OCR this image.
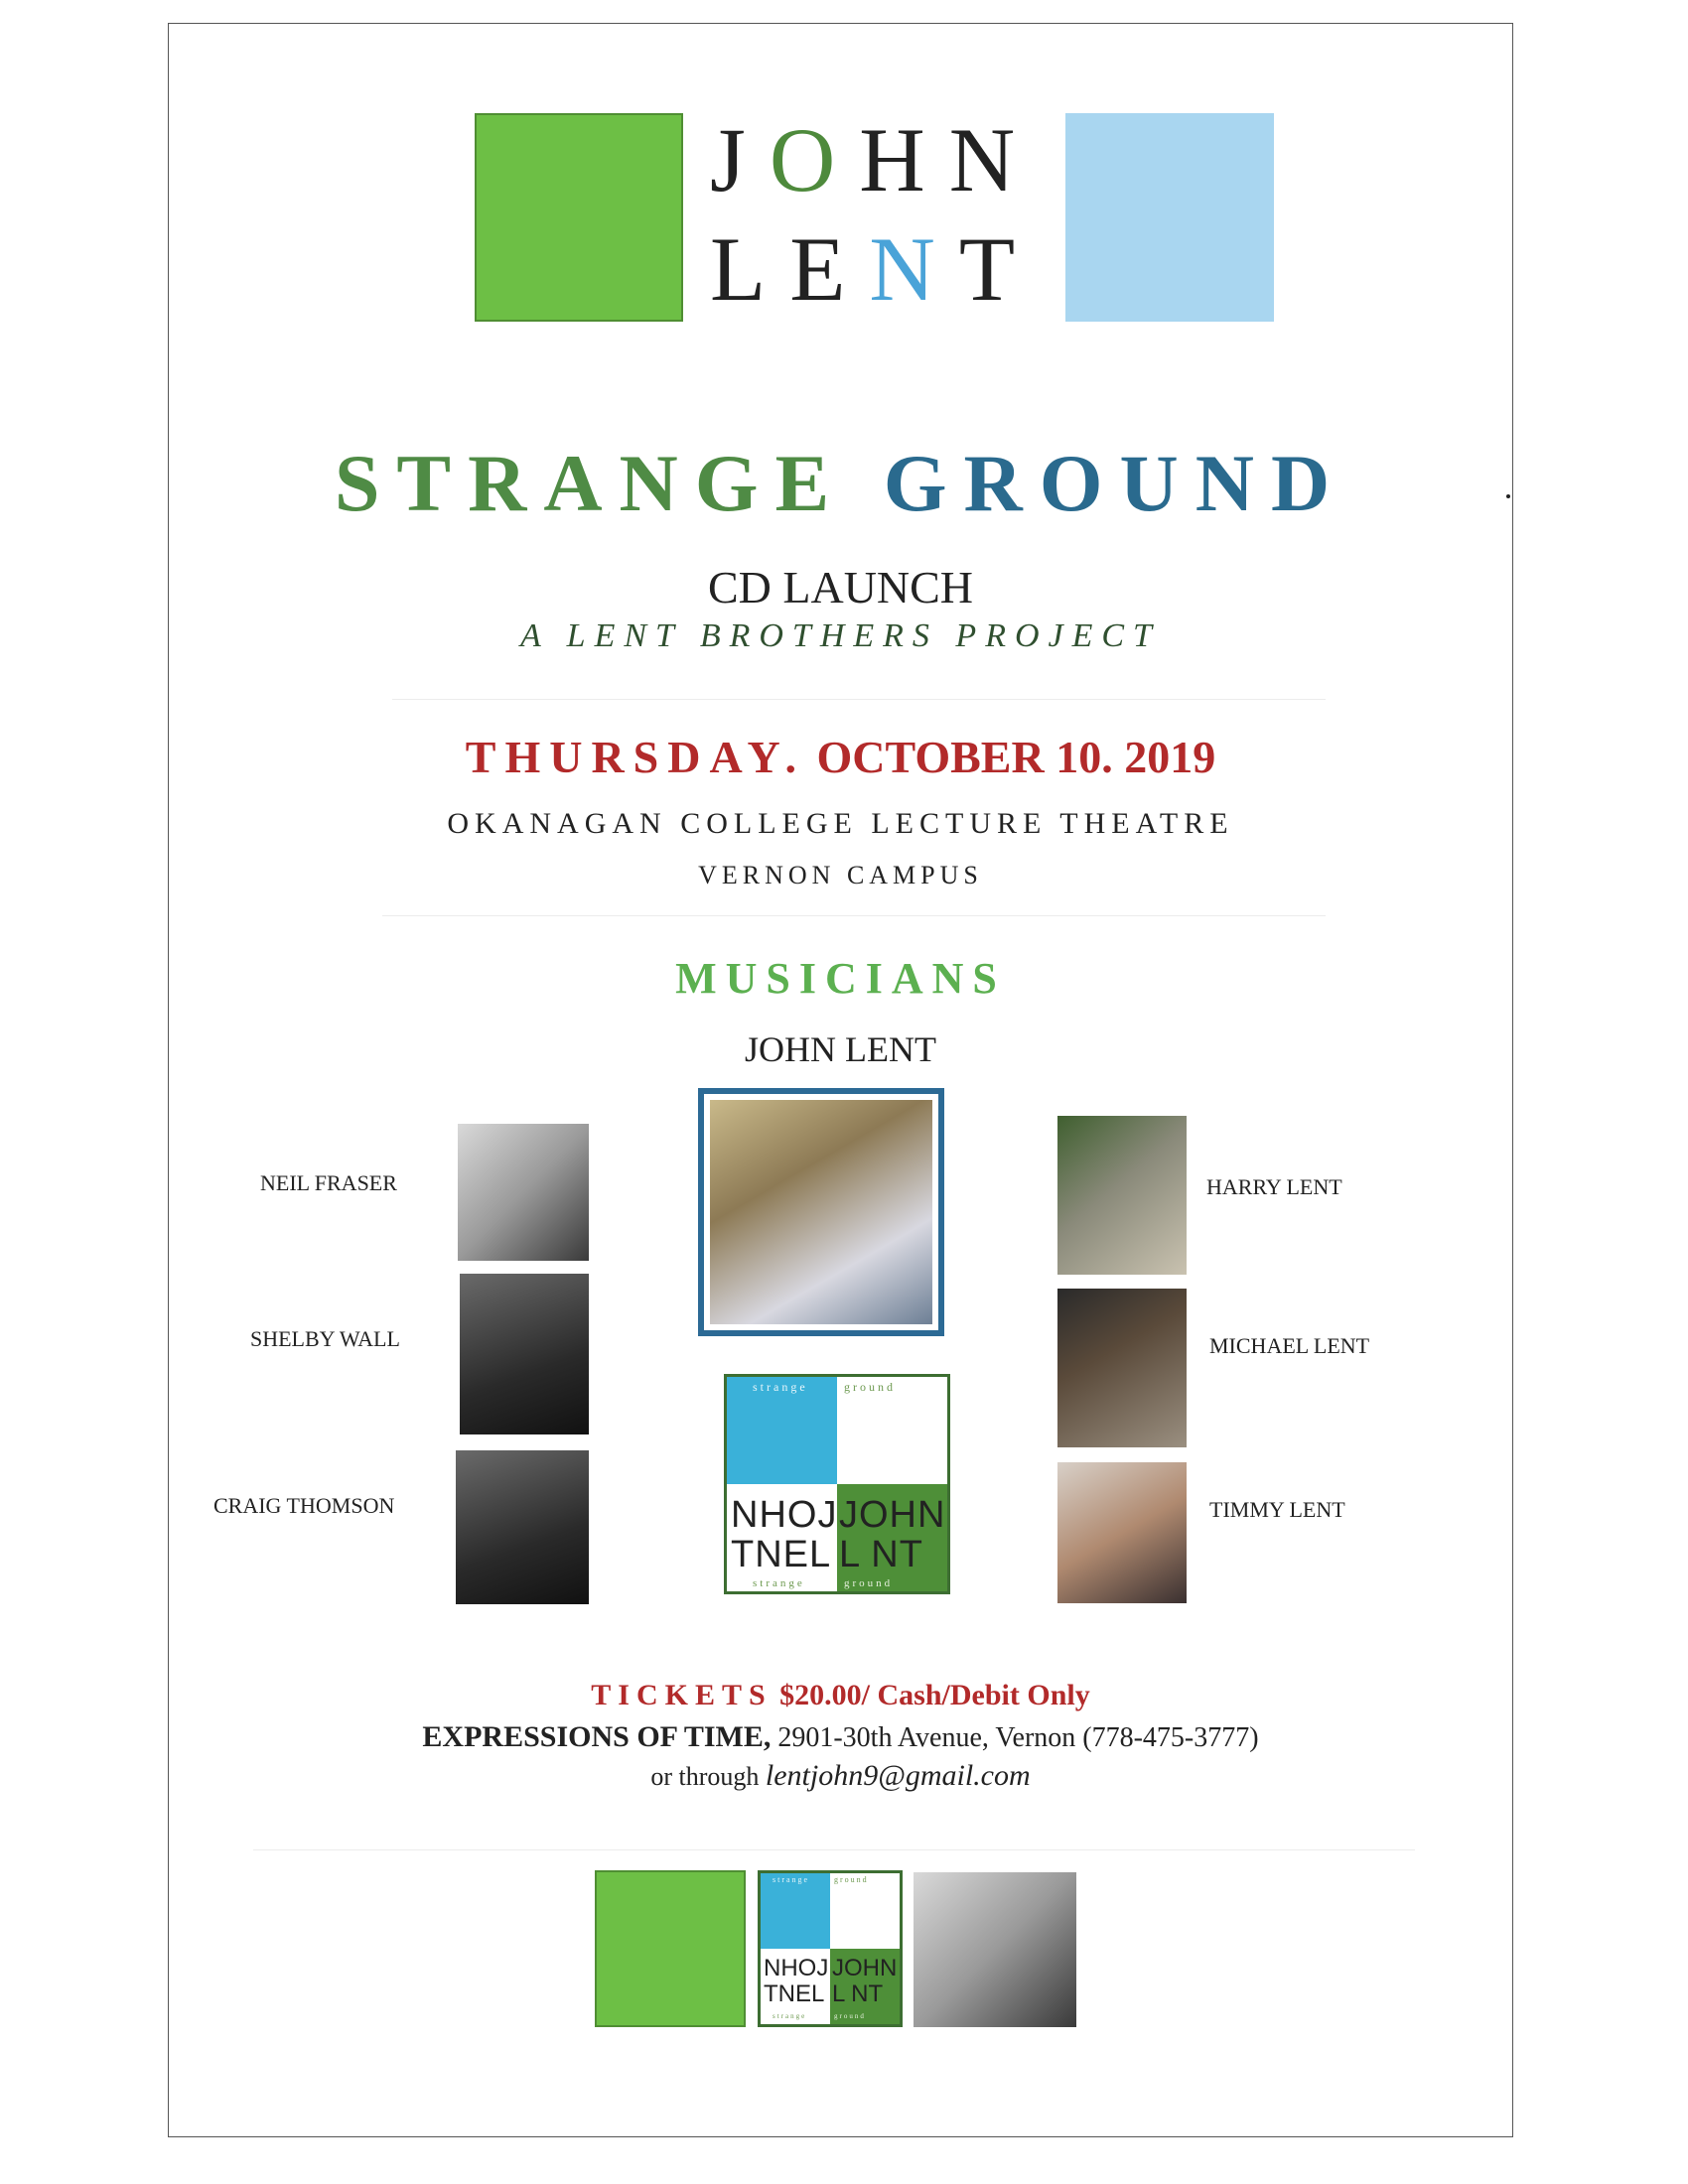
JOHN
LENT
STRANGE GROUND
CD LAUNCH
A LENT BROTHERS PROJECT
THURSDAY. OCTOBER 10. 2019
OKANAGAN COLLEGE LECTURE THEATRE
VERNON CAMPUS
MUSICIANS
JOHN LENT
NEIL FRASER
SHELBY WALL
CRAIG THOMSON
HARRY LENT
MICHAEL LENT
TIMMY LENT
strange	ground
NHOJ
TNEL
JOHN
L NT
strange	ground
TICKETS $20.00/ Cash/Debit Only
EXPRESSIONS OF TIME, 2901-30th Avenue, Vernon (778-475-3777)
or through lentjohn9@gmail.com
strange	ground
NHOJ
TNEL
JOHN
L NT
strange	ground
